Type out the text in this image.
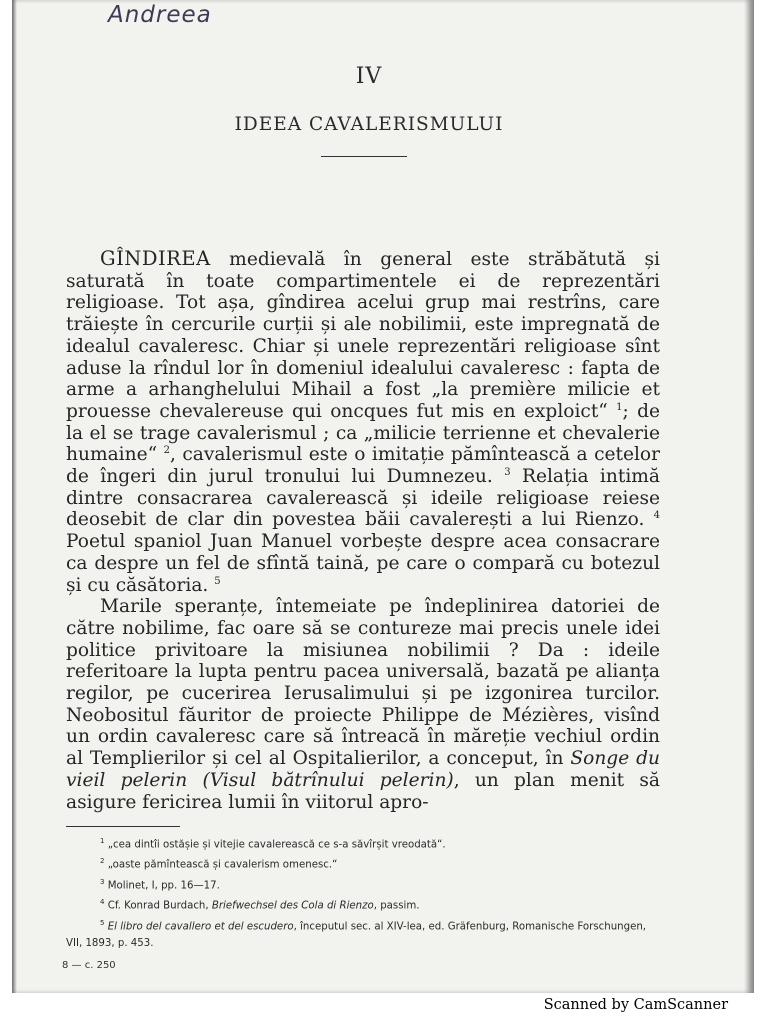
Andreea
IV
IDEEA CAVALERISMULUI

GÎNDIREA medievală în general este străbătută și saturată în toate compartimentele ei de reprezentări religioase. Tot așa, gîndirea acelui grup mai restrîns, care trăiește în cercurile curții și ale nobilimii, este impregnată de idealul cavaleresc. Chiar și unele reprezentări religioase sînt aduse la rîndul lor în domeniul idealului cavaleresc : fapta de arme a arhanghelului Mihail a fost „la première milicie et prouesse chevalereuse qui oncques fut mis en exploict“ $^1$; de la el se trage cavalerismul ; ca „milicie terrienne et chevalerie humaine“ $^2$, cavalerismul este o imitație pămîntească a cetelor de îngeri din jurul tronului lui Dumnezeu. $^3$ Relația intimă dintre consacrarea cavalerească și ideile religioase reiese deosebit de clar din povestea băii cavalerești a lui Rienzo. $^4$ Poetul spaniol Juan Manuel vorbește despre acea consacrare ca despre un fel de sfîntă taină, pe care o compară cu botezul și cu căsătoria. $^5$

Marile speranțe, întemeiate pe îndeplinirea datoriei de către nobilime, fac oare să se contureze mai precis unele idei politice privitoare la misiunea nobilimii ? Da : ideile referitoare la lupta pentru pacea universală, bazată pe alianța regilor, pe cucerirea Ierusalimului și pe izgonirea turcilor. Neobositul făuritor de proiecte Philippe de Mézières, visînd un ordin cavaleresc care să întreacă în măreție vechiul ordin al Templierilor și cel al Ospitalierilor, a conceput, în Songe du vieil pelerin (Visul bătrînului pelerin), un plan menit să asigure fericirea lumii în viitorul apro-

$^1$ „cea dintîi ostășie și vitejie cavalerească ce s-a săvîrșit vreodată“.
$^2$ „oaste pămîntească și cavalerism omenesc.“
$^3$ Molinet, I, pp. 16—17.
$^4$ Cf. Konrad Burdach, Briefwechsel des Cola di Rienzo, passim.
$^5$ El libro del cavallero et del escudero, începutul sec. al XIV-lea, ed. Gräfenburg, Romanische Forschungen, VII, 1893, p. 453.
8 — c. 250
Scanned by CamScanner
